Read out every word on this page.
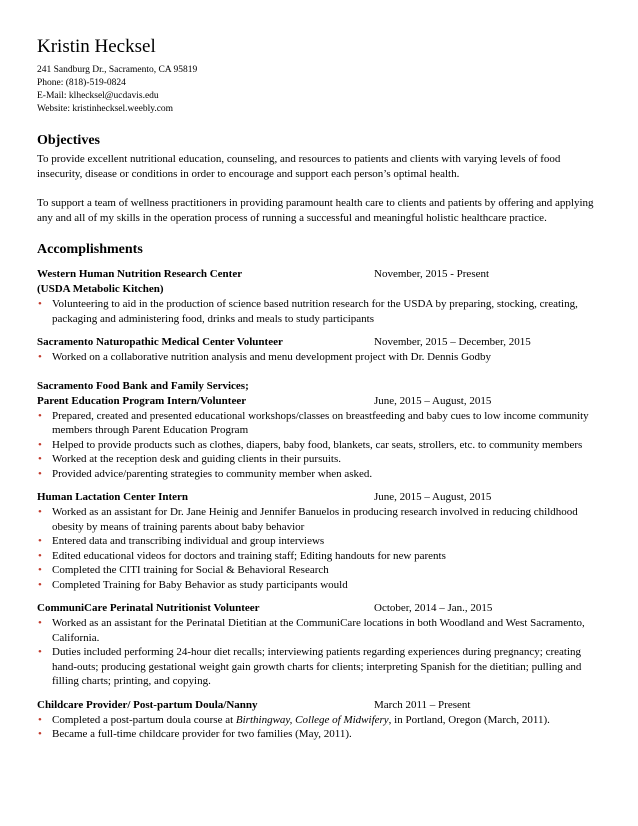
Kristin Hecksel
241 Sandburg Dr., Sacramento, CA 95819
Phone: (818)-519-0824
E-Mail: klhecksel@ucdavis.edu
Website: kristinhecksel.weebly.com
Objectives

To provide excellent nutritional education, counseling, and resources to patients and clients with varying levels of food insecurity, disease or conditions in order to encourage and support each person’s optimal health.

To support a team of wellness practitioners in providing paramount health care to clients and patients by offering and applying any and all of my skills in the operation process of running a successful and meaningful holistic healthcare practice.

Accomplishments
Western Human Nutrition Research Center	November, 2015 - Present
(USDA Metabolic Kitchen)
• Volunteering to aid in the production of science based nutrition research for the USDA by preparing, stocking, creating, packaging and administering food, drinks and meals to study participants
Sacramento Naturopathic Medical Center Volunteer	November, 2015 – December, 2015
• Worked on a collaborative nutrition analysis and menu development project with Dr. Dennis Godby
Sacramento Food Bank and Family Services;
Parent Education Program Intern/Volunteer	June, 2015 – August, 2015
• Prepared, created and presented educational workshops/classes on breastfeeding and baby cues to low income community members through Parent Education Program
• Helped to provide products such as clothes, diapers, baby food, blankets, car seats, strollers, etc. to community members
• Worked at the reception desk and guiding clients in their pursuits.
• Provided advice/parenting strategies to community member when asked.
Human Lactation Center Intern	June, 2015 – August, 2015
• Worked as an assistant for Dr. Jane Heinig and Jennifer Banuelos in producing research involved in reducing childhood obesity by means of training parents about baby behavior
• Entered data and transcribing individual and group interviews
• Edited educational videos for doctors and training staff; Editing handouts for new parents
• Completed the CITI training for Social & Behavioral Research
• Completed Training for Baby Behavior as study participants would
CommuniCare Perinatal Nutritionist Volunteer	October, 2014 – Jan., 2015
• Worked as an assistant for the Perinatal Dietitian at the CommuniCare locations in both Woodland and West Sacramento, California.
• Duties included performing 24-hour diet recalls; interviewing patients regarding experiences during pregnancy; creating hand-outs; producing gestational weight gain growth charts for clients; interpreting Spanish for the dietitian; pulling and filling charts; printing, and copying.
Childcare Provider/ Post-partum Doula/Nanny	March 2011 – Present
• Completed a post-partum doula course at Birthingway, College of Midwifery, in Portland, Oregon (March, 2011).
• Became a full-time childcare provider for two families (May, 2011).
